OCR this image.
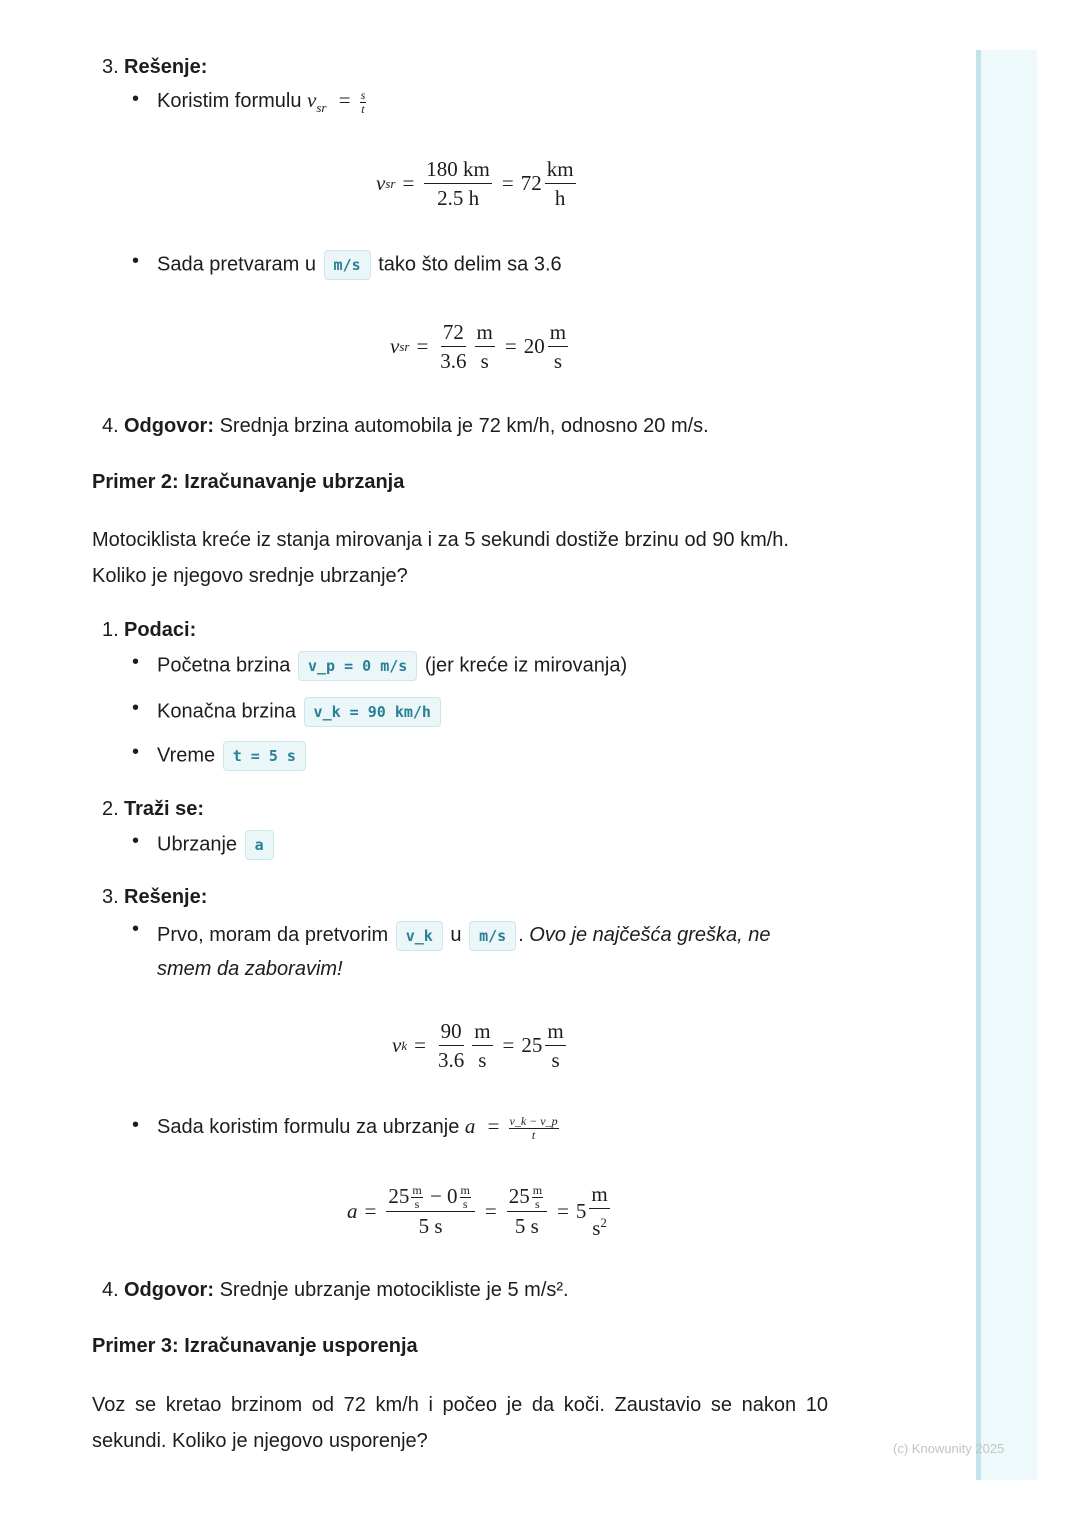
(c) Knowunity 2025
3. Rešenje:
• Koristim formulu $v_{sr} = \frac{s}{t}$
v sr = $\frac{180 km}{2.5 h} = 72 \frac{km}{h}$
• Sada pretvaram u m/s tako što delim sa 3.6
v sr = $\frac{72}{3.6} \frac{m}{s} = 20 \frac{m}{s}$
4. Odgovor: Srednja brzina automobila je 72 km/h, odnosno 20 m/s.
Primer 2: Izračunavanje ubrzanja
Motociklista kreće iz stanja mirovanja i za 5 sekundi dostiže brzinu od 90 km/h. Koliko je njegovo srednje ubrzanje?
1. Podaci:
• Početna brzina v_p = 0 m/s (jer kreće iz mirovanja)
• Konačna brzina v_k = 90 km/h
• Vreme t = 5 s
2. Traži se:
• Ubrzanje a
3. Rešenje:
• Prvo, moram da pretvorim v_k u m/s . Ovo je najčešća greška, ne smem da zaboravim!
v $k = \frac{90}{3.6} \frac{m}{s} = 25 \frac{m}{s}$
• Sada koristim formulu za ubrzanje $a = \frac{v\_k - v\_p}{t}$
$a = \frac{25 \frac{m}{s} - 0 \frac{m}{s}}{5 s} = \frac{25 \frac{m}{s}}{5 s} = 5 \frac{m}{s^2}$
4. Odgovor: Srednje ubrzanje motocikliste je 5 m/s².
Primer 3: Izračunavanje usporenja
Voz se kretao brzinom od 72 km/h i počeo je da koči. Zaustavio se nakon 10 sekundi. Koliko je njegovo usporenje?
